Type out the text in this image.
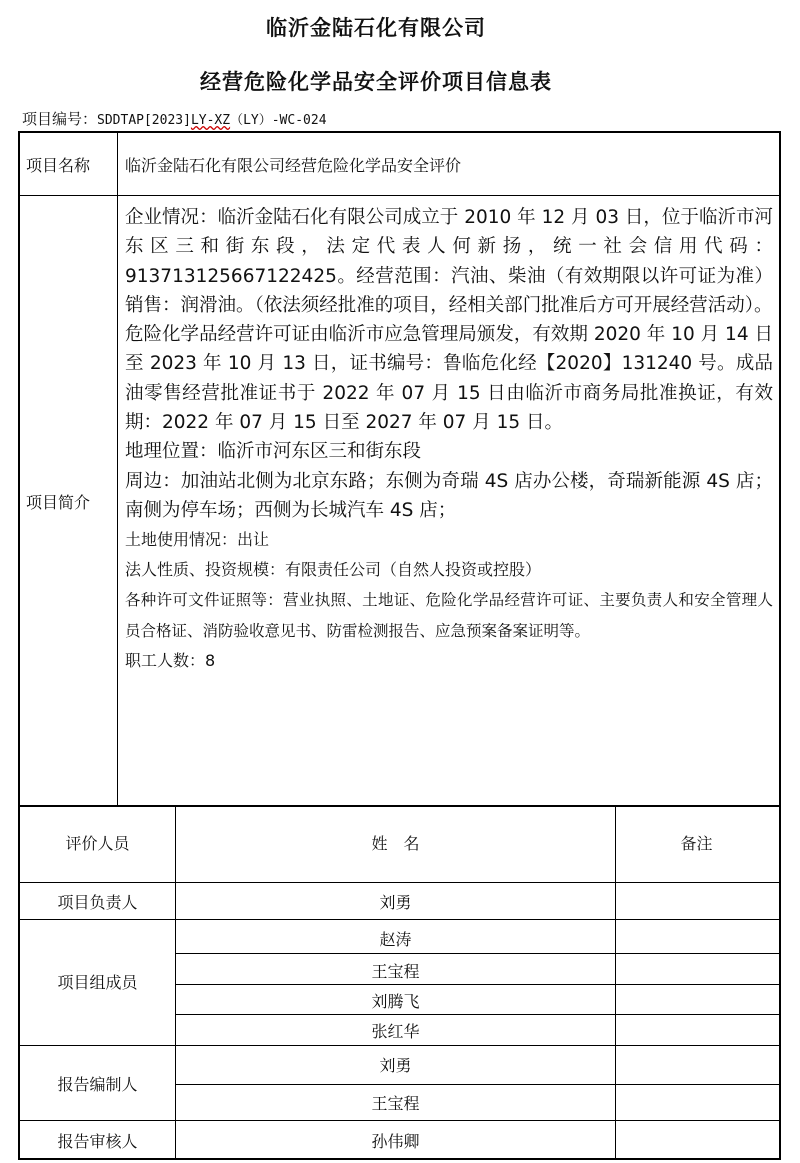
临沂金陆石化有限公司
经营危险化学品安全评价项目信息表
项目编号：SDDTAP[2023]LY-XZ（LY）-WC-024
项目名称 临沂金陆石化有限公司经营危险化学品安全评价
项目简介

企业情况：临沂金陆石化有限公司成立于 2010 年 12 月 03 日，位于临沂市河东区三和街东段，法定代表人何新扬，统一社会信用代码：913713125667122425。经营范围：汽油、柴油（有效期限以许可证为准）销售：润滑油。（依法须经批准的项目，经相关部门批准后方可开展经营活动）。

危险化学品经营许可证由临沂市应急管理局颁发，有效期 2020 年 10 月 14 日至 2023 年 10 月 13 日，证书编号：鲁临危化经【2020】131240 号。成品油零售经营批准证书于 2022 年 07 月 15 日由临沂市商务局批准换证，有效期：2022 年 07 月 15 日至 2027 年 07 月 15 日。

地理位置：临沂市河东区三和街东段

周边：加油站北侧为北京东路；东侧为奇瑞 4S 店办公楼，奇瑞新能源 4S 店；南侧为停车场；西侧为长城汽车 4S 店；

土地使用情况：出让

法人性质、投资规模：有限责任公司（自然人投资或控股）

各种许可文件证照等：营业执照、土地证、危险化学品经营许可证、主要负责人和安全管理人员合格证、消防验收意见书、防雷检测报告、应急预案备案证明等。

职工人数：8

评价人员	姓　名	备注
项目负责人
项目组成员
报告编制人
报告审核人
刘勇
赵涛
王宝程
刘腾飞
张红华
刘勇
王宝程
孙伟卿
